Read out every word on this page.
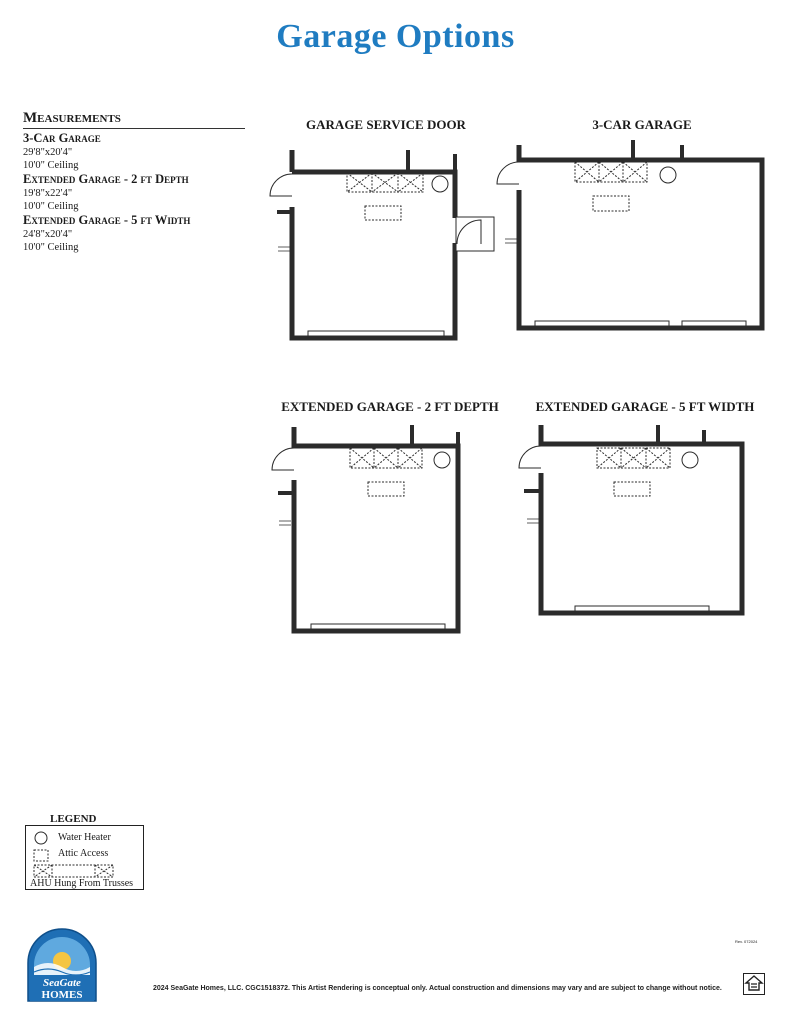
Garage Options
Measurements
3-Car Garage
29'8"x20'4"
10'0" Ceiling
Extended Garage - 2 ft Depth
19'8"x22'4"
10'0" Ceiling
Extended Garage - 5 ft Width
24'8"x20'4"
10'0" Ceiling
GARAGE SERVICE DOOR	3-CAR GARAGE
EXTENDED GARAGE - 2 FT DEPTH	EXTENDED GARAGE - 5 FT WIDTH
LEGEND
Water Heater
Attic Access
AHU Hung From Trusses
SeaGate
HOMES
Rev. 072024
2024 SeaGate Homes, LLC. CGC1518372. This Artist Rendering is conceptual only. Actual construction and dimensions may vary and are subject to change without notice.
